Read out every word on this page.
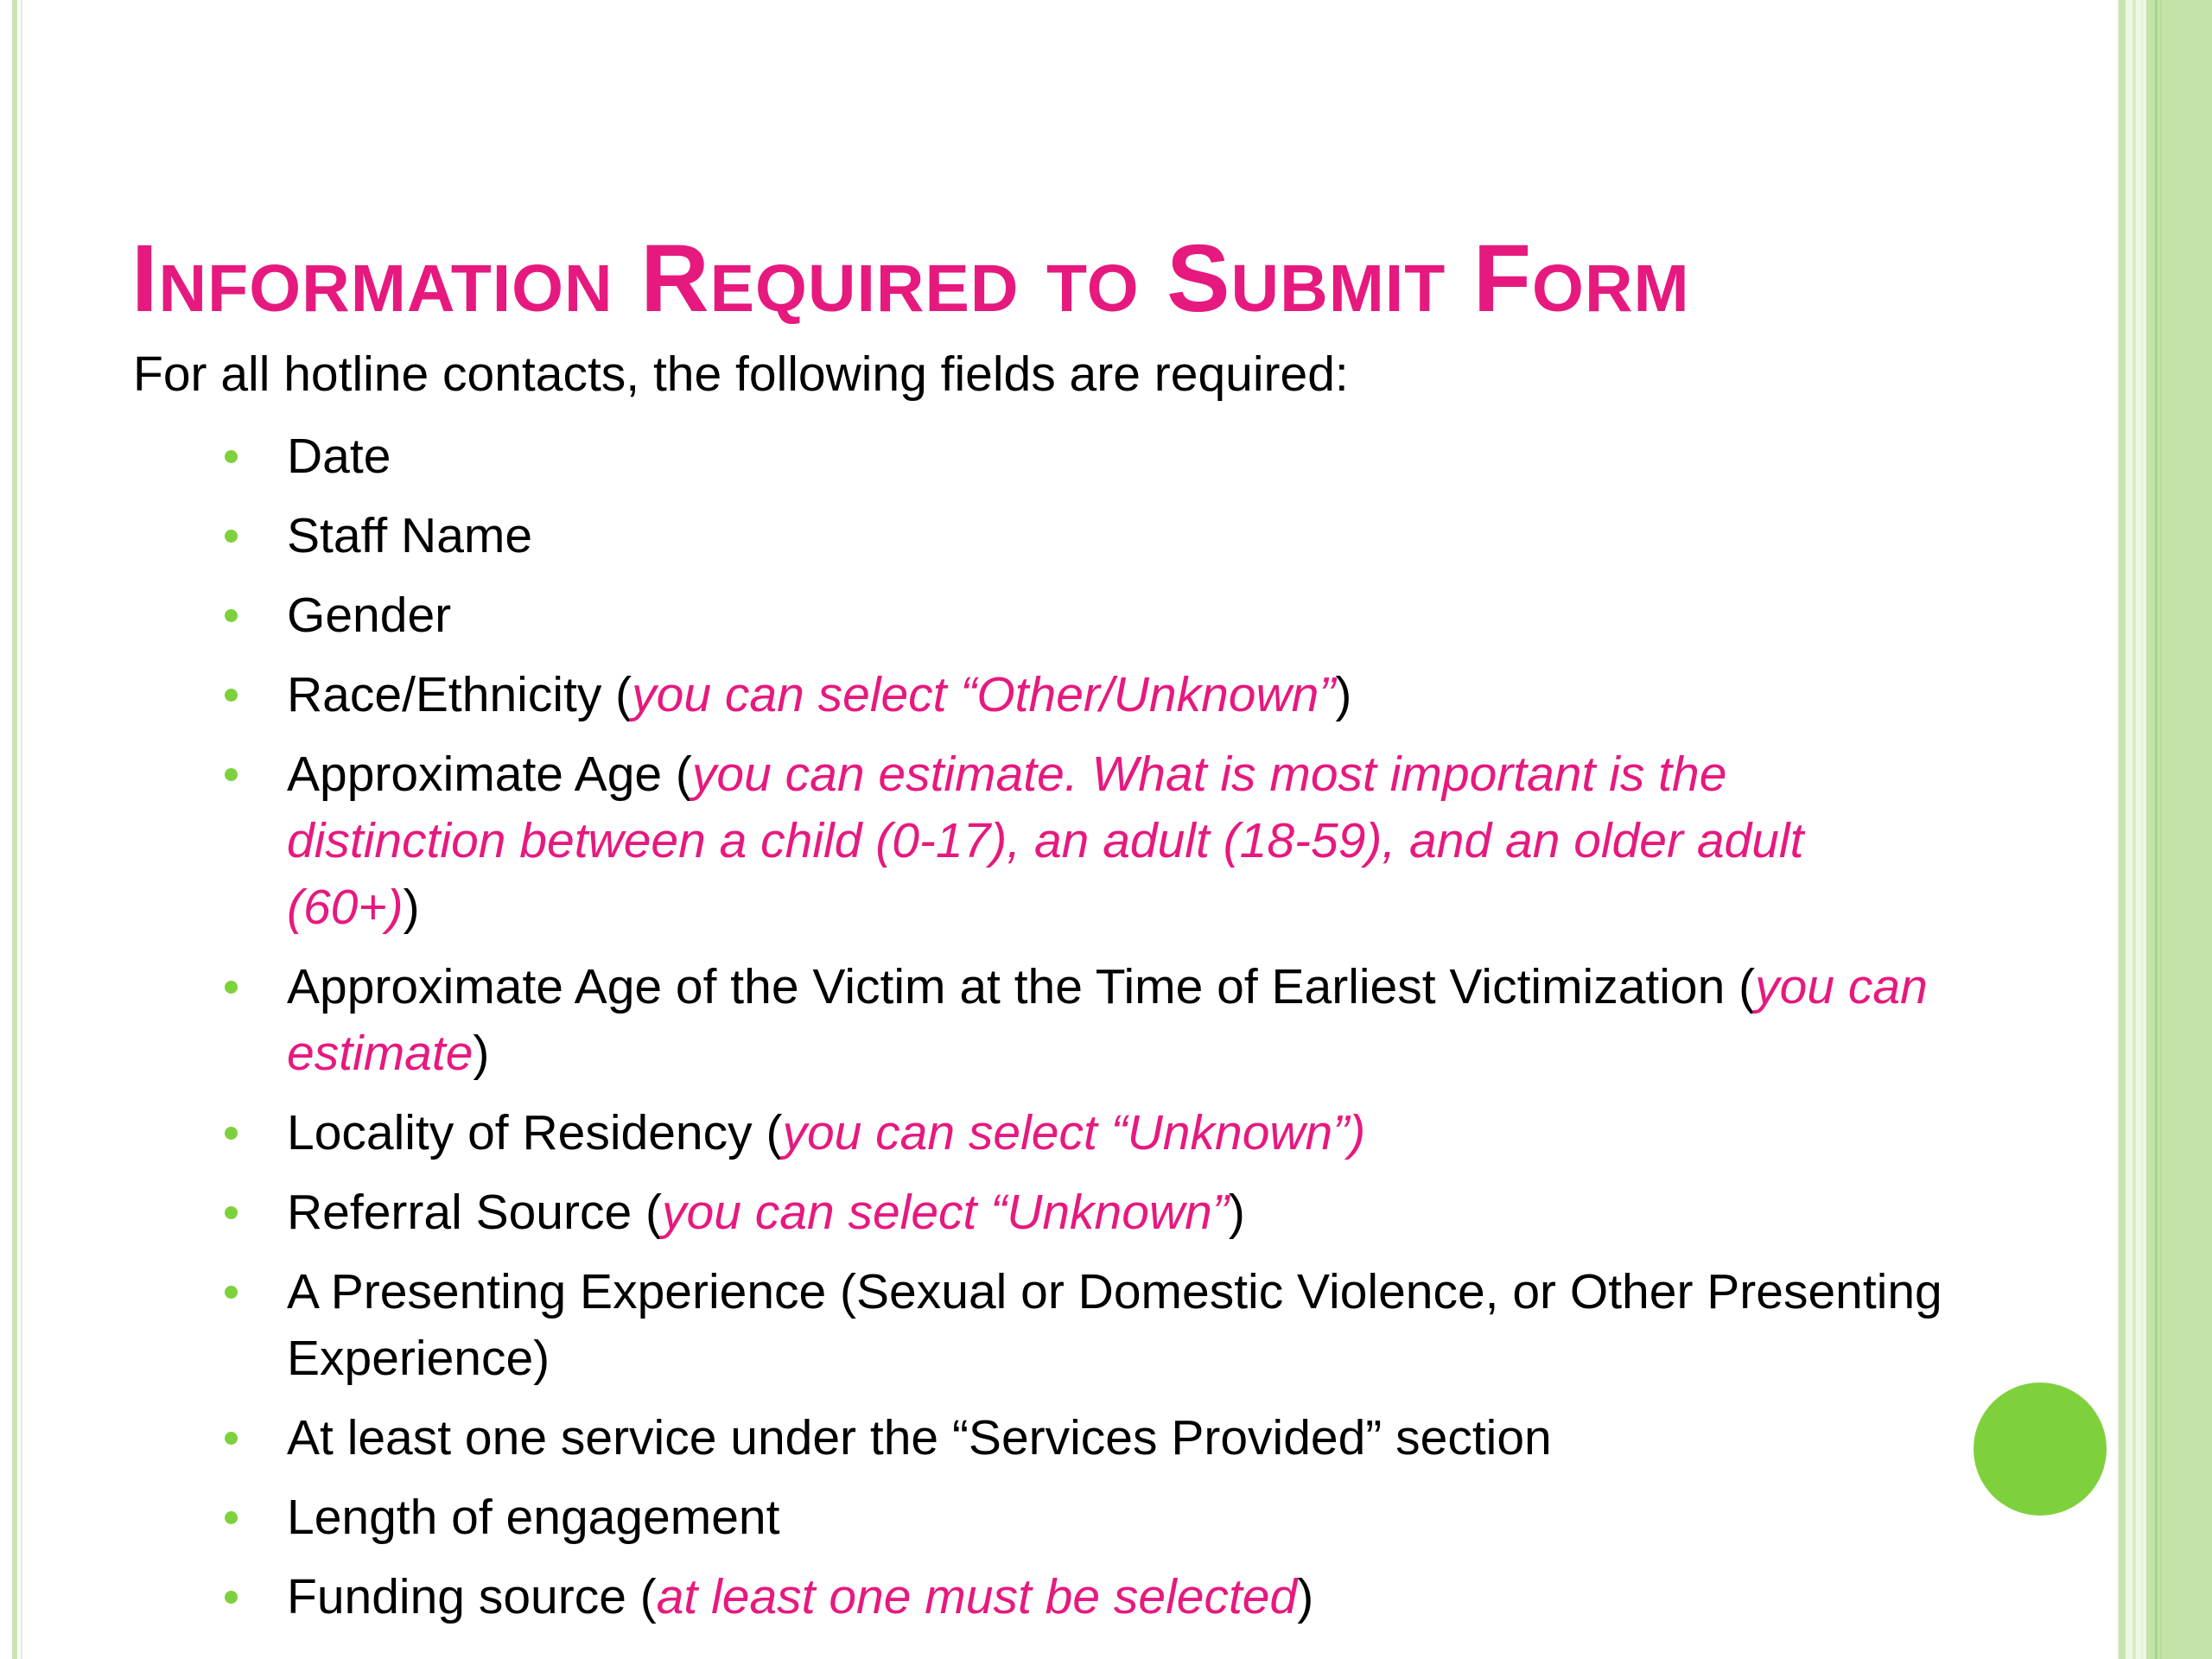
Information Required to Submit Form

For all hotline contacts, the following fields are required:

Date
Staff Name
Gender
Race/Ethnicity (you can select “Other/Unknown”)
Approximate Age (you can estimate. What is most important is the distinction between a child (0-17), an adult (18-59), and an older adult (60+))
Approximate Age of the Victim at the Time of Earliest Victimization (you can estimate)
Locality of Residency (you can select “Unknown”)
Referral Source (you can select “Unknown”)
A Presenting Experience (Sexual or Domestic Violence, or Other Presenting Experience)
At least one service under the “Services Provided” section
Length of engagement
Funding source (at least one must be selected)
